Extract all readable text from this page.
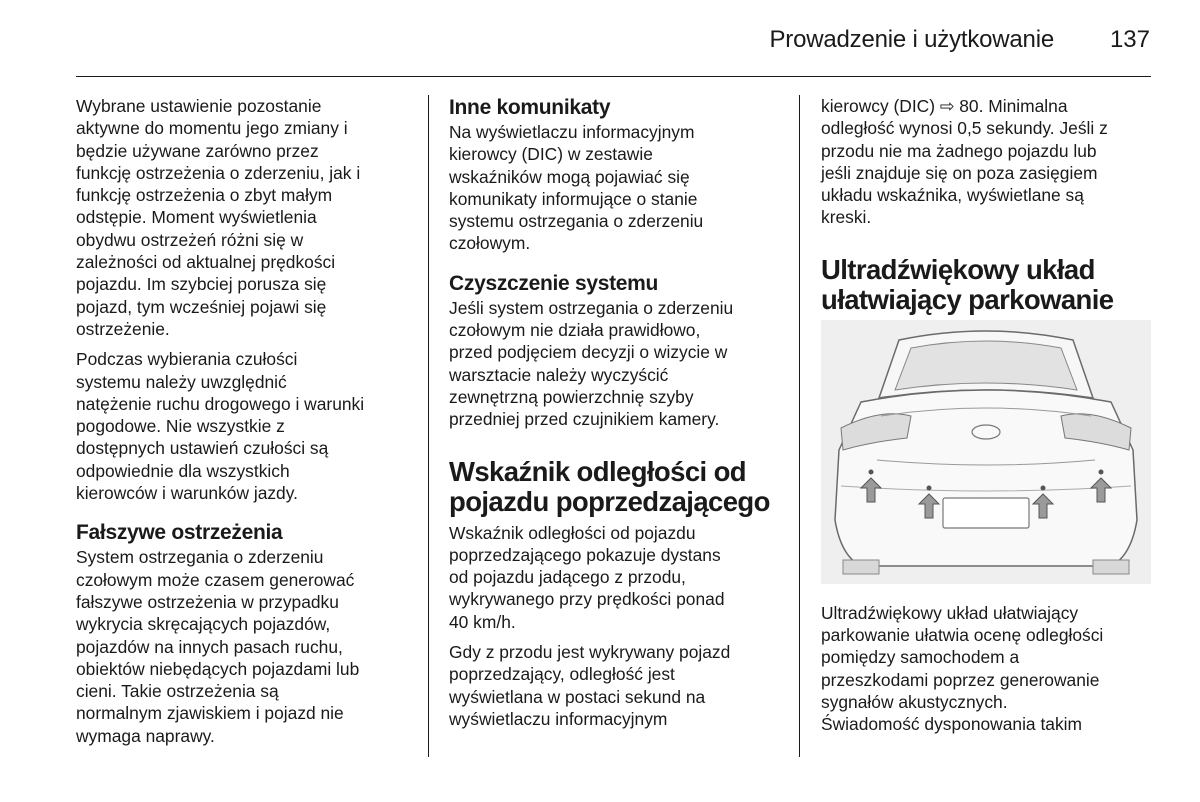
Prowadzenie i użytkowanie 137

Wybrane ustawienie pozostanie
aktywne do momentu jego zmiany i
będzie używane zarówno przez
funkcję ostrzeżenia o zderzeniu, jak i
funkcję ostrzeżenia o zbyt małym
odstępie. Moment wyświetlenia
obydwu ostrzeżeń różni się w
zależności od aktualnej prędkości
pojazdu. Im szybciej porusza się
pojazd, tym wcześniej pojawi się
ostrzeżenie.

Podczas wybierania czułości
systemu należy uwzględnić
natężenie ruchu drogowego i warunki
pogodowe. Nie wszystkie z
dostępnych ustawień czułości są
odpowiednie dla wszystkich
kierowców i warunków jazdy.

Fałszywe ostrzeżenia

System ostrzegania o zderzeniu
czołowym może czasem generować
fałszywe ostrzeżenia w przypadku
wykrycia skręcających pojazdów,
pojazdów na innych pasach ruchu,
obiektów niebędących pojazdami lub
cieni. Takie ostrzeżenia są
normalnym zjawiskiem i pojazd nie
wymaga naprawy.

Inne komunikaty

Na wyświetlaczu informacyjnym
kierowcy (DIC) w zestawie
wskaźników mogą pojawiać się
komunikaty informujące o stanie
systemu ostrzegania o zderzeniu
czołowym.

Czyszczenie systemu

Jeśli system ostrzegania o zderzeniu
czołowym nie działa prawidłowo,
przed podjęciem decyzji o wizycie w
warsztacie należy wyczyścić
zewnętrzną powierzchnię szyby
przedniej przed czujnikiem kamery.

Wskaźnik odległości od
pojazdu poprzedzającego

Wskaźnik odległości od pojazdu
poprzedzającego pokazuje dystans
od pojazdu jadącego z przodu,
wykrywanego przy prędkości ponad
40 km/h.

Gdy z przodu jest wykrywany pojazd
poprzedzający, odległość jest
wyświetlana w postaci sekund na
wyświetlaczu informacyjnym

kierowcy (DIC) ⇨ 80. Minimalna
odległość wynosi 0,5 sekundy. Jeśli z
przodu nie ma żadnego pojazdu lub
jeśli znajduje się on poza zasięgiem
układu wskaźnika, wyświetlane są
kreski.

Ultradźwiękowy układ
ułatwiający parkowanie

Ultradźwiękowy układ ułatwiający
parkowanie ułatwia ocenę odległości
pomiędzy samochodem a
przeszkodami poprzez generowanie
sygnałów akustycznych.
Świadomość dysponowania takim
